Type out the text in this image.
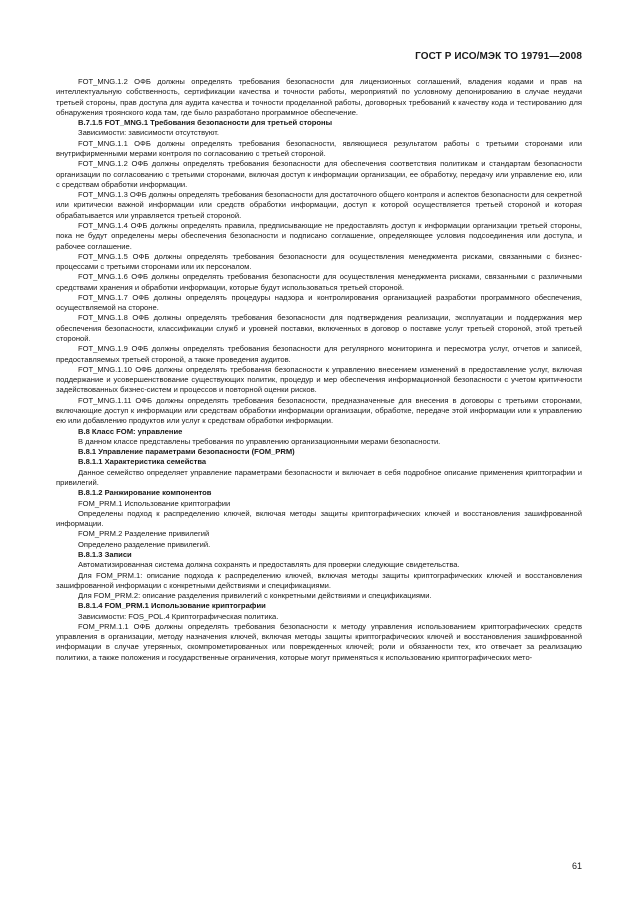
ГОСТ Р ИСО/МЭК ТО 19791—2008

FOT_MNG.1.2 ОФБ должны определять требования безопасности для лицензионных соглашений, владения кодами и прав на интеллектуальную собственность, сертификации качества и точности работы, мероприятий по условному депонированию в случае неудачи третьей стороны, прав доступа для аудита качества и точности проделанной работы, договорных требований к качеству кода и тестированию для обнаружения троянского кода там, где было разработано программное обеспечение.

B.7.1.5 FOT_MNG.1 Требования безопасности для третьей стороны

Зависимости: зависимости отсутствуют.

FOT_MNG.1.1 ОФБ должны определять требования безопасности, являющиеся результатом работы с третьими сторонами или внутрифирменными мерами контроля по согласованию с третьей стороной.

FOT_MNG.1.2 ОФБ должны определять требования безопасности для обеспечения соответствия политикам и стандартам безопасности организации по согласованию с третьими сторонами, включая доступ к информации организации, ее обработку, передачу или управление ею, или с средствам обработки информации.

FOT_MNG.1.3 ОФБ должны определять требования безопасности для достаточного общего контроля и аспектов безопасности для секретной или критически важной информации или средств обработки информации, доступ к которой осуществляется третьей стороной и которая обрабатывается или управляется третьей стороной.

FOT_MNG.1.4 ОФБ должны определять правила, предписывающие не предоставлять доступ к информации организации третьей стороны, пока не будут определены меры обеспечения безопасности и подписано соглашение, определяющее условия подсоединения или доступа, и рабочее соглашение.

FOT_MNG.1.5 ОФБ должны определять требования безопасности для осуществления менеджмента рисками, связанными с бизнес-процессами с третьими сторонами или их персоналом.

FOT_MNG.1.6 ОФБ должны определять требования безопасности для осуществления менеджмента рисками, связанными с различными средствами хранения и обработки информации, которые будут использоваться третьей стороной.

FOT_MNG.1.7 ОФБ должны определять процедуры надзора и контролирования организацией разработки программного обеспечения, осуществляемой на стороне.

FOT_MNG.1.8 ОФБ должны определять требования безопасности для подтверждения реализации, эксплуатации и поддержания мер обеспечения безопасности, классификации служб и уровней поставки, включенных в договор о поставке услуг третьей стороной, этой третьей стороной.

FOT_MNG.1.9 ОФБ должны определять требования безопасности для регулярного мониторинга и пересмотра услуг, отчетов и записей, предоставляемых третьей стороной, а также проведения аудитов.

FOT_MNG.1.10 ОФБ должны определять требования безопасности к управлению внесением изменений в предоставление услуг, включая поддержание и усовершенствование существующих политик, процедур и мер обеспечения информационной безопасности с учетом критичности задействованных бизнес-систем и процессов и повторной оценки рисков.

FOT_MNG.1.11 ОФБ должны определять требования безопасности, предназначенные для внесения в договоры с третьими сторонами, включающие доступ к информации или средствам обработки информации организации, обработке, передаче этой информации или к управлению ею или добавлению продуктов или услуг к средствам обработки информации.

B.8 Класс FOM: управление

В данном классе представлены требования по управлению организационными мерами безопасности.

B.8.1 Управление параметрами безопасности (FOM_PRM)

B.8.1.1 Характеристика семейства

Данное семейство определяет управление параметрами безопасности и включает в себя подробное описание применения криптографии и привилегий.

B.8.1.2 Ранжирование компонентов

FOM_PRM.1 Использование криптографии

Определены подход к распределению ключей, включая методы защиты криптографических ключей и восстановления зашифрованной информации.

FOM_PRM.2 Разделение привилегий

Определено разделение привилегий.

B.8.1.3 Записи

Автоматизированная система должна сохранять и предоставлять для проверки следующие свидетельства.

Для FOM_PRM.1: описание подхода к распределению ключей, включая методы защиты криптографических ключей и восстановления зашифрованной информации с конкретными действиями и спецификациями.

Для FOM_PRM.2: описание разделения привилегий с конкретными действиями и спецификациями.

B.8.1.4 FOM_PRM.1 Использование криптографии

Зависимости: FOS_POL.4 Криптографическая политика.

FOM_PRM.1.1 ОФБ должны определять требования безопасности к методу управления использованием криптографических средств управления в организации, методу назначения ключей, включая методы защиты криптографических ключей и восстановления зашифрованной информации в случае утерянных, скомпрометированных или поврежденных ключей; роли и обязанности тех, кто отвечает за реализацию политики, а также положения и государственные ограничения, которые могут применяться к использованию криптографических мето-

61
